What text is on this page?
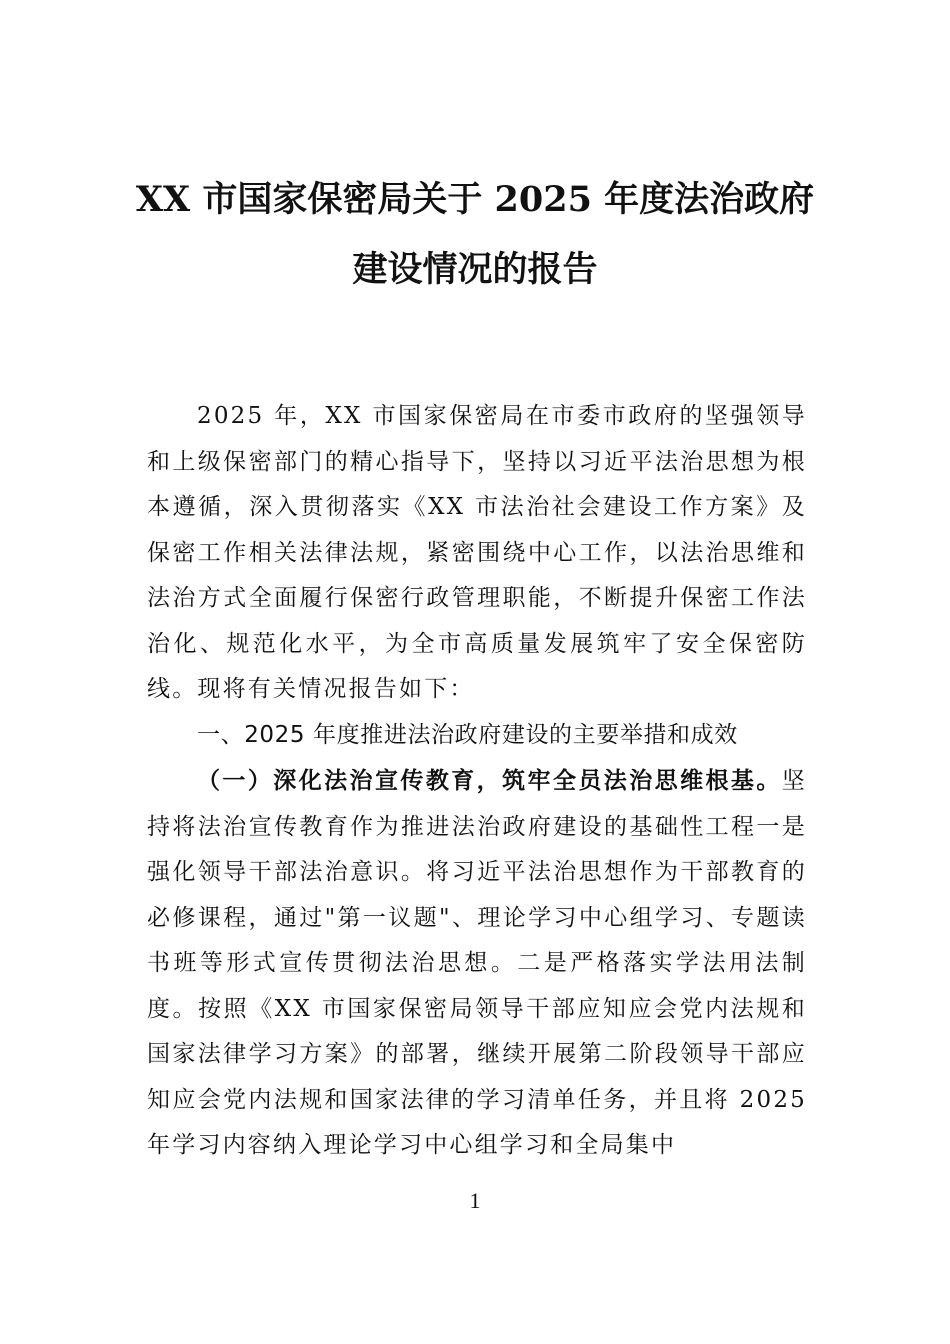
XX 市国家保密局关于 2025 年度法治政府
建设情况的报告

2025 年，XX 市国家保密局在市委市政府的坚强领导和上级保密部门的精心指导下，坚持以习近平法治思想为根本遵循，深入贯彻落实《XX 市法治社会建设工作方案》及保密工作相关法律法规，紧密围绕中心工作，以法治思维和法治方式全面履行保密行政管理职能，不断提升保密工作法治化、规范化水平，为全市高质量发展筑牢了安全保密防线。现将有关情况报告如下：

一、2025 年度推进法治政府建设的主要举措和成效

（一）深化法治宣传教育，筑牢全员法治思维根基。坚持将法治宣传教育作为推进法治政府建设的基础性工程一是强化领导干部法治意识。将习近平法治思想作为干部教育的必修课程，通过"第一议题"、理论学习中心组学习、专题读书班等形式宣传贯彻法治思想。二是严格落实学法用法制度。按照《XX 市国家保密局领导干部应知应会党内法规和国家法律学习方案》的部署，继续开展第二阶段领导干部应知应会党内法规和国家法律的学习清单任务，并且将 2025 年学习内容纳入理论学习中心组学习和全局集中

1
